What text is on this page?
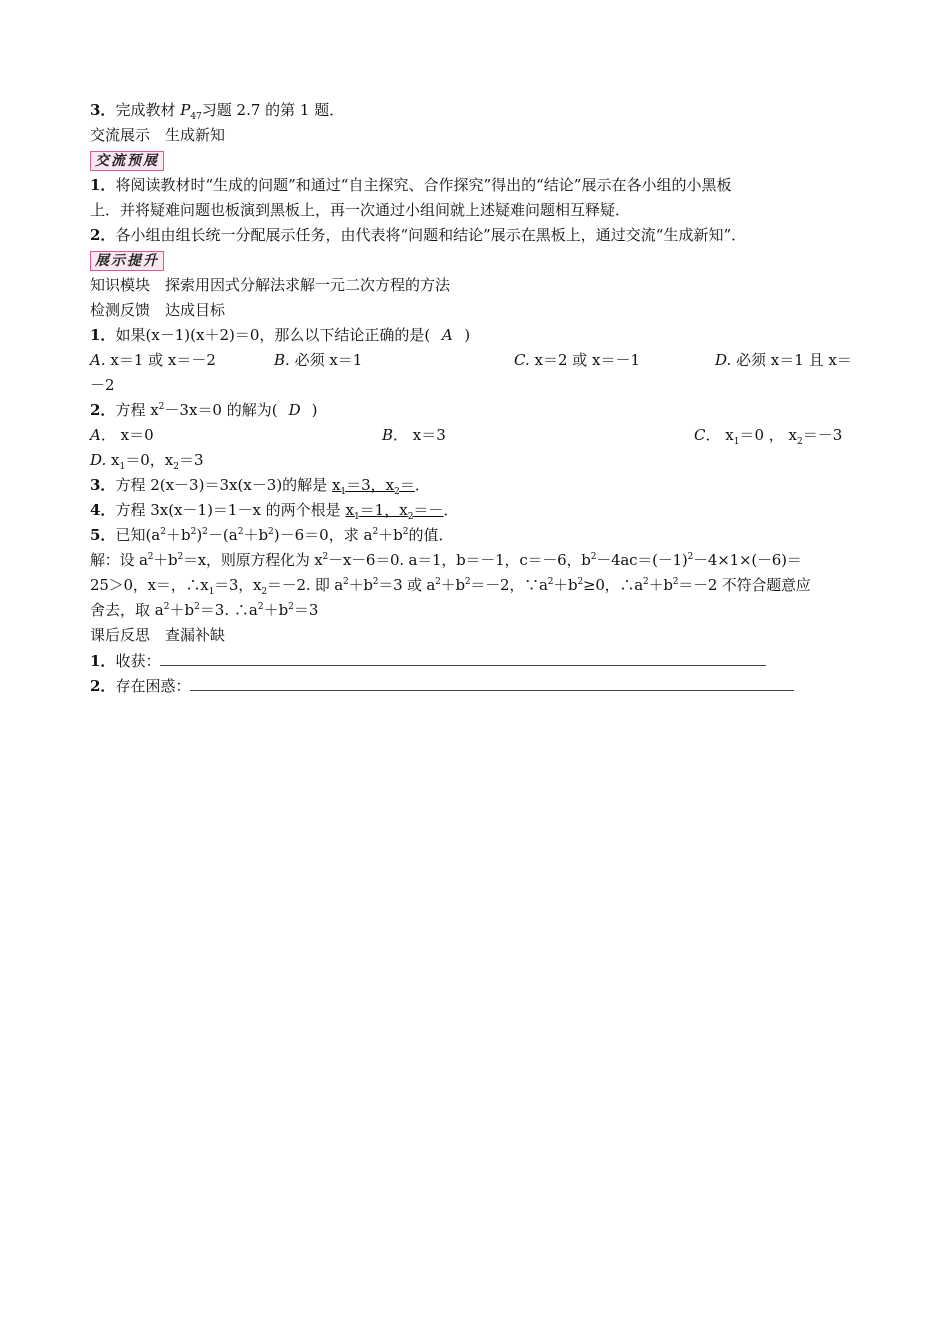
3．完成教材 $P_{47}$习题 2.7 的第 1 题．
交流展示　生成新知
交流预展
1．将阅读教材时“生成的问题”和通过“自主探究、合作探究”得出的“结论”展示在各小组的小黑板
上．并将疑难问题也板演到黑板上，再一次通过小组间就上述疑难问题相互释疑．
2．各小组由组长统一分配展示任务，由代表将“问题和结论”展示在黑板上，通过交流“生成新知”．
展示提升
知识模块　探索用因式分解法求解一元二次方程的方法
检测反馈　达成目标
1．如果(x－1)(x＋2)＝0，那么以下结论正确的是( A )
A. x＝1 或 x＝－2	B. 必须 x＝1	C. x＝2 或 x＝－1	D. 必须 x＝1 且 x＝
－2
2．方程 $x^2-3x=0$ 的解为( D )
A． x＝0	B． x＝3	C． $x_1=0$ ， $x_2=-3$
D. $x_1=0$，$x_2=3$
3．方程 2(x－3)＝3x(x－3)的解是 $x_1=3$，$x_2=$．
4．方程 3x(x－1)＝1－x 的两个根是 $x_1=1$，$x_2=-$．
5．已知$(a^2+b^2)^2-(a^2+b^2)-6=0$，求 $a^2+b^2$的值．
解：设 $a^2+b^2=x$，则原方程化为 $x^2-x-6=0$. a＝1，b＝－1，c＝－6，$b^2-4ac=(-1)^2-4\times 1\times(-6)=$
25＞0，x＝，$\therefore x_1=3$，$x_2=-2$. 即 $a^2+b^2=3$ 或 $a^2+b^2=-2$，$\because a^2+b^2\ge 0$，$\therefore a^2+b^2=-2$ 不符合题意应
舍去，取 $a^2+b^2=3$. $\therefore a^2+b^2=3$
课后反思　查漏补缺
1．收获：
2．存在困惑：
